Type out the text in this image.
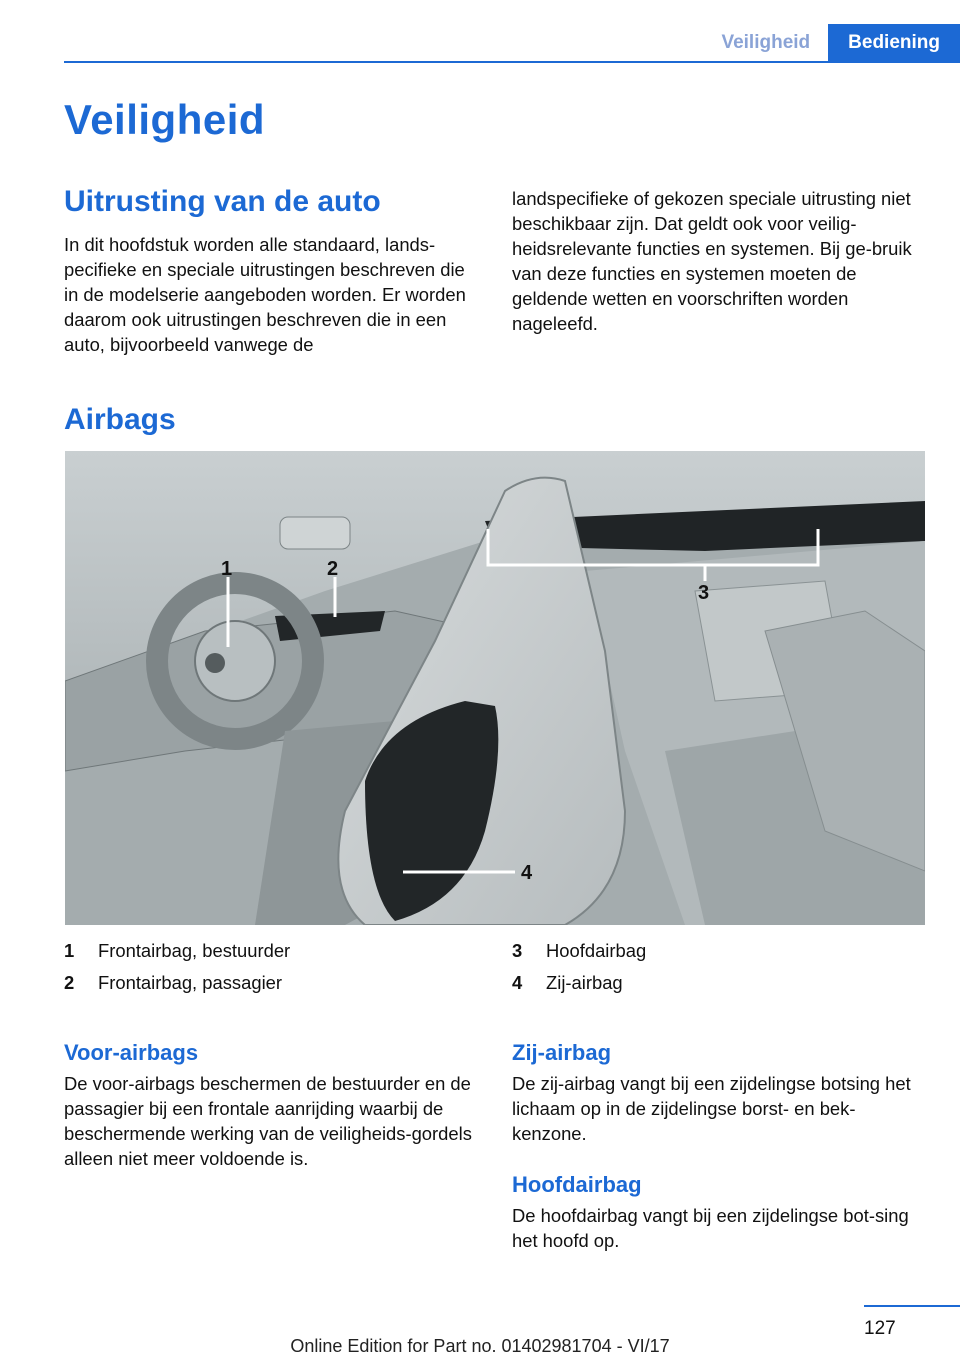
Veiligheid	Bediening
Veiligheid
Uitrusting van de auto
In dit hoofdstuk worden alle standaard, lands-pecifieke en speciale uitrustingen beschreven die in de modelserie aangeboden worden. Er worden daarom ook uitrustingen beschreven die in een auto, bijvoorbeeld vanwege de
landspecifieke of gekozen speciale uitrusting niet beschikbaar zijn. Dat geldt ook voor veilig-heidsrelevante functies en systemen. Bij ge-bruik van deze functies en systemen moeten de geldende wetten en voorschriften worden nageleefd.
Airbags
1	2
3
4
1	Frontairbag, bestuurder
2	Frontairbag, passagier
3	Hoofdairbag
4	Zij-airbag
Voor-airbags
De voor-airbags beschermen de bestuurder en de passagier bij een frontale aanrijding waarbij de beschermende werking van de veiligheids-gordels alleen niet meer voldoende is.
Zij-airbag
De zij-airbag vangt bij een zijdelingse botsing het lichaam op in de zijdelingse borst- en bek-kenzone.
Hoofdairbag
De hoofdairbag vangt bij een zijdelingse bot-sing het hoofd op.
127
Online Edition for Part no. 01402981704 - VI/17
